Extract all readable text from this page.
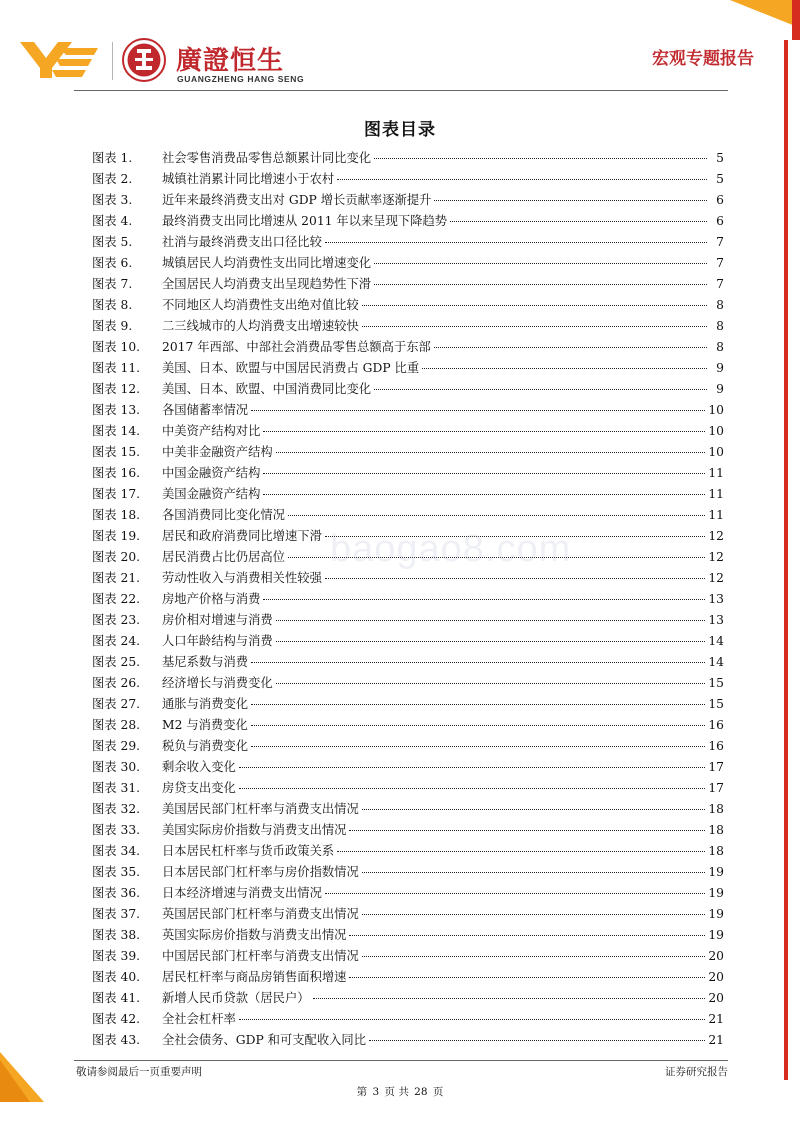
廣證恒生
GUANGZHENG HANG SENG
宏观专题报告
图表目录
图表 1.	社会零售消费品零售总额累计同比变化	5
图表 2.	城镇社消累计同比增速小于农村	5
图表 3.	近年来最终消费支出对 GDP 增长贡献率逐渐提升	6
图表 4.	最终消费支出同比增速从 2011 年以来呈现下降趋势	6
图表 5.	社消与最终消费支出口径比较	7
图表 6.	城镇居民人均消费性支出同比增速变化	7
图表 7.	全国居民人均消费支出呈现趋势性下滑	7
图表 8.	不同地区人均消费性支出绝对值比较	8
图表 9.	二三线城市的人均消费支出增速较快	8
图表 10.	2017 年西部、中部社会消费品零售总额高于东部	8
图表 11.	美国、日本、欧盟与中国居民消费占 GDP 比重	9
图表 12.	美国、日本、欧盟、中国消费同比变化	9
图表 13.	各国储蓄率情况	10
图表 14.	中美资产结构对比	10
图表 15.	中美非金融资产结构	10
图表 16.	中国金融资产结构	11
图表 17.	美国金融资产结构	11
图表 18.	各国消费同比变化情况	11
图表 19.	居民和政府消费同比增速下滑	12
图表 20.	居民消费占比仍居高位	12
图表 21.	劳动性收入与消费相关性较强	12
图表 22.	房地产价格与消费	13
图表 23.	房价相对增速与消费	13
图表 24.	人口年龄结构与消费	14
图表 25.	基尼系数与消费	14
图表 26.	经济增长与消费变化	15
图表 27.	通胀与消费变化	15
图表 28.	M2 与消费变化	16
图表 29.	税负与消费变化	16
图表 30.	剩余收入变化	17
图表 31.	房贷支出变化	17
图表 32.	美国居民部门杠杆率与消费支出情况	18
图表 33.	美国实际房价指数与消费支出情况	18
图表 34.	日本居民杠杆率与货币政策关系	18
图表 35.	日本居民部门杠杆率与房价指数情况	19
图表 36.	日本经济增速与消费支出情况	19
图表 37.	英国居民部门杠杆率与消费支出情况	19
图表 38.	英国实际房价指数与消费支出情况	19
图表 39.	中国居民部门杠杆率与消费支出情况	20
图表 40.	居民杠杆率与商品房销售面积增速	20
图表 41.	新增人民币贷款（居民户）	20
图表 42.	全社会杠杆率	21
图表 43.	全社会债务、GDP 和可支配收入同比	21
baogao8.com
敬请参阅最后一页重要声明	证券研究报告
第 3 页 共 28 页
